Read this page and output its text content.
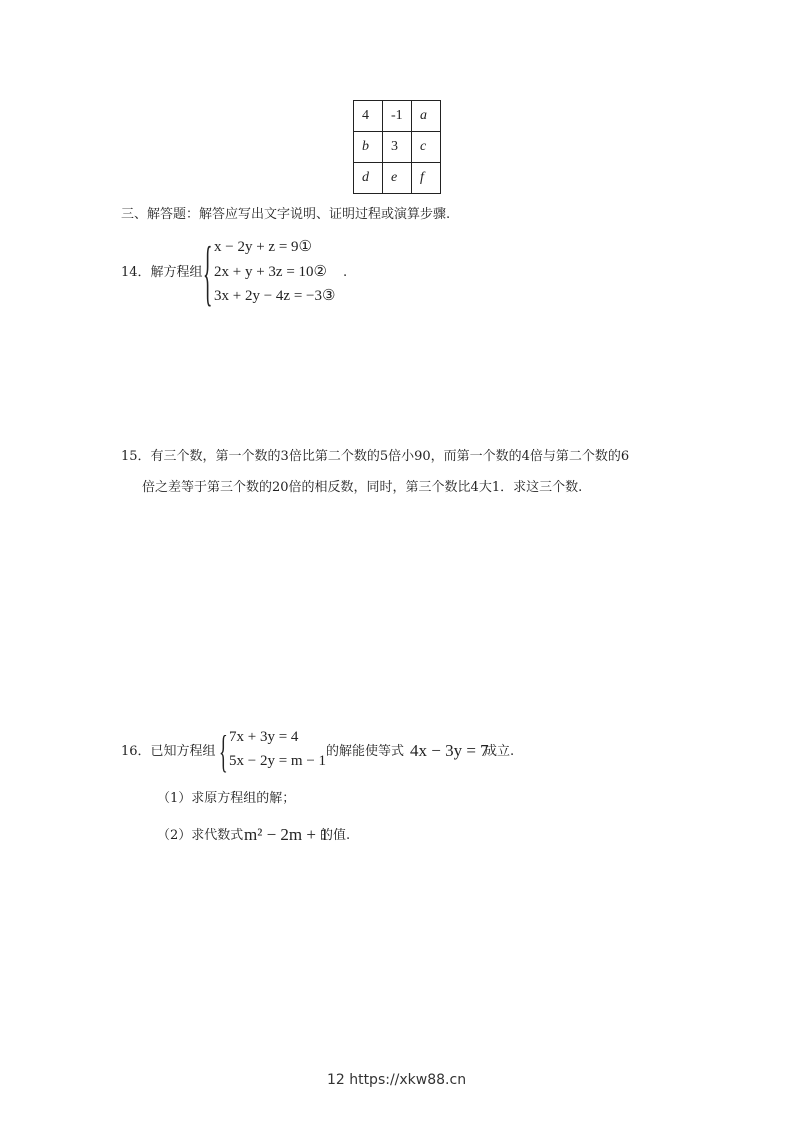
4	-1	a
b	3	c
d	e	f
三、解答题：解答应写出文字说明、证明过程或演算步骤.
14．解方程组 { x − 2y + z = 9①
2x + y + 3z = 10②
3x + 2y − 4z = −3③
.
15．有三个数，第一个数的3倍比第二个数的5倍小90，而第一个数的4倍与第二个数的6
倍之差等于第三个数的20倍的相反数，同时，第三个数比4大1．求这三个数.
16．已知方程组 { 7x + 3y = 4
5x − 2y = m − 1
的解能使等式 4x − 3y = 7
成立.
（1）求原方程组的解；
（2）求代数式 m² − 2m + 1
的值.
12 https://xkw88.cn
